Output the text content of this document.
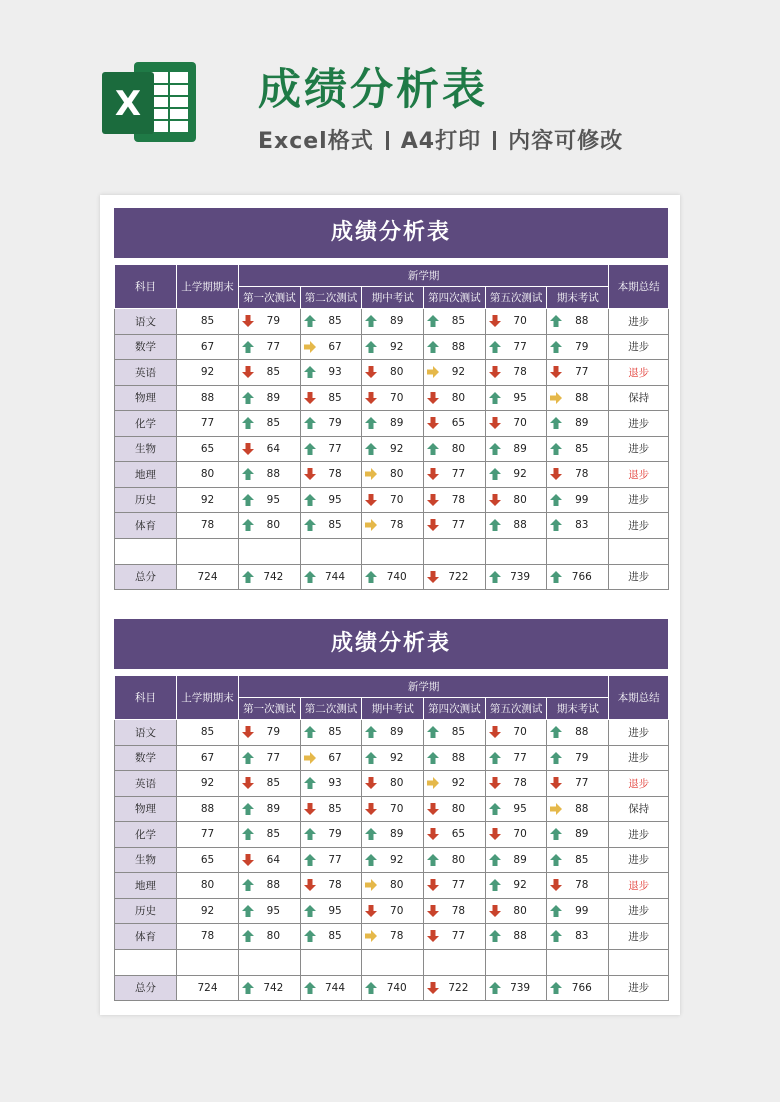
X	成绩分析表
Excel格式 A4打印 内容可修改
成绩分析表
科目	上学期期末	新学期						本期总结
		第一次测试	第二次测试	期中考试	第四次测试	第五次测试	期末考试	
语文	85	79	85	89	85	70	88	进步
数学	67	77	67	92	88	77	79	进步
英语	92	85	93	80	92	78	77	退步
物理	88	89	85	70	80	95	88	保持
化学	77	85	79	89	65	70	89	进步
生物	65	64	77	92	80	89	85	进步
地理	80	88	78	80	77	92	78	退步
历史	92	95	95	70	78	80	99	进步
体育	78	80	85	78	77	88	83	进步

总分	724	742	744	740	722	739	766	进步
成绩分析表
科目	上学期期末	新学期						本期总结
		第一次测试	第二次测试	期中考试	第四次测试	第五次测试	期末考试	
语文	85	79	85	89	85	70	88	进步
数学	67	77	67	92	88	77	79	进步
英语	92	85	93	80	92	78	77	退步
物理	88	89	85	70	80	95	88	保持
化学	77	85	79	89	65	70	89	进步
生物	65	64	77	92	80	89	85	进步
地理	80	88	78	80	77	92	78	退步
历史	92	95	95	70	78	80	99	进步
体育	78	80	85	78	77	88	83	进步

总分	724	742	744	740	722	739	766	进步
